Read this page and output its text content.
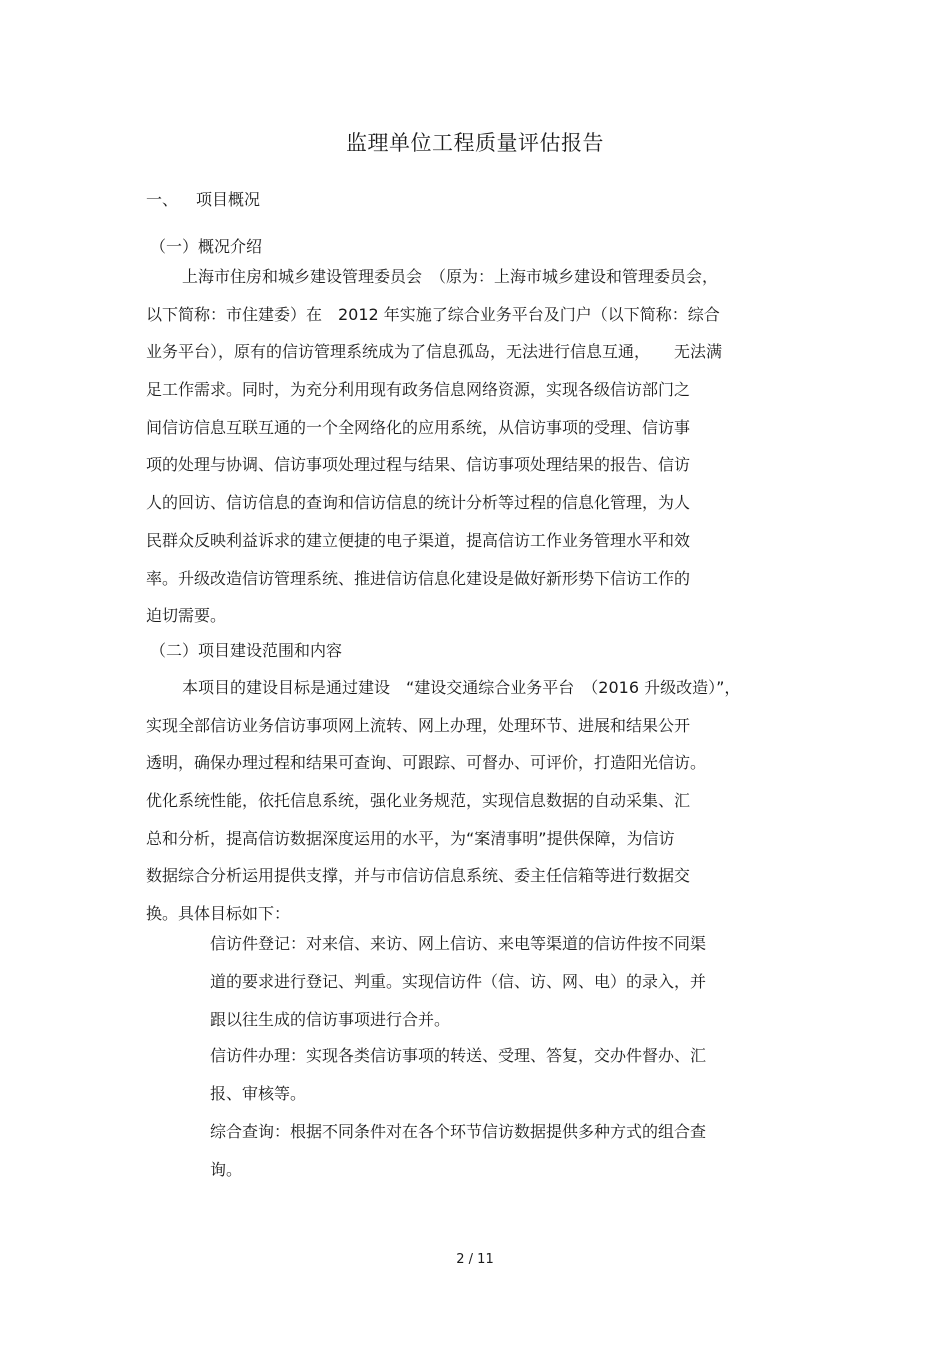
监理单位工程质量评估报告
一、 项目概况
（一）概况介绍
上海市住房和城乡建设管理委员会　（原为：上海市城乡建设和管理委员会，
以下简称：市住建委）在　2012 年实施了综合业务平台及门户（以下简称：综合
业务平台），原有的信访管理系统成为了信息孤岛，无法进行信息互通，　　无法满
足工作需求。同时，为充分利用现有政务信息网络资源，实现各级信访部门之
间信访信息互联互通的一个全网络化的应用系统，从信访事项的受理、信访事
项的处理与协调、信访事项处理过程与结果、信访事项处理结果的报告、信访
人的回访、信访信息的查询和信访信息的统计分析等过程的信息化管理，为人
民群众反映利益诉求的建立便捷的电子渠道，提高信访工作业务管理水平和效
率。升级改造信访管理系统、推进信访信息化建设是做好新形势下信访工作的
迫切需要。
（二）项目建设范围和内容
本项目的建设目标是通过建设　“建设交通综合业务平台　（2016 升级改造）”，
实现全部信访业务信访事项网上流转、网上办理，处理环节、进展和结果公开
透明，确保办理过程和结果可查询、可跟踪、可督办、可评价，打造阳光信访。
优化系统性能，依托信息系统，强化业务规范，实现信息数据的自动采集、汇
总和分析，提高信访数据深度运用的水平，为“案清事明”提供保障，为信访
数据综合分析运用提供支撑，并与市信访信息系统、委主任信箱等进行数据交
换。具体目标如下：
信访件登记：对来信、来访、网上信访、来电等渠道的信访件按不同渠
道的要求进行登记、判重。实现信访件（信、访、网、电）的录入，并
跟以往生成的信访事项进行合并。
信访件办理：实现各类信访事项的转送、受理、答复，交办件督办、汇
报、审核等。
综合查询：根据不同条件对在各个环节信访数据提供多种方式的组合查
询。
2 / 11
